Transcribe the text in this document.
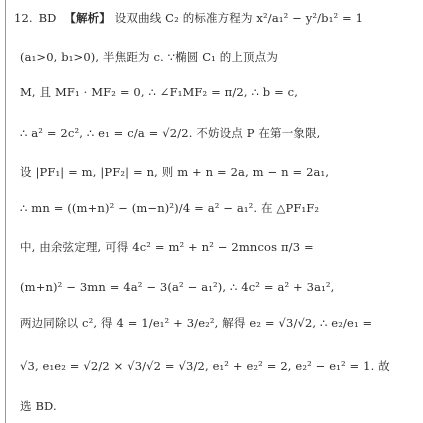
12. BD 【解析】 设双曲线 C₂ 的标准方程为 x²/a₁² − y²/b₁² = 1
(a₁>0, b₁>0), 半焦距为 c. ∵椭圆 C₁ 的上顶点为
M, 且 MF₁ · MF₂ = 0, ∴ ∠F₁MF₂ = π/2, ∴ b = c,
∴ a² = 2c², ∴ e₁ = c/a = √2/2. 不妨设点 P 在第一象限,
设 |PF₁| = m, |PF₂| = n, 则 m + n = 2a, m − n = 2a₁,
∴ mn = ((m+n)² − (m−n)²)/4 = a² − a₁². 在 △PF₁F₂
中, 由余弦定理, 可得 4c² = m² + n² − 2mncos π/3 =
(m+n)² − 3mn = 4a² − 3(a² − a₁²), ∴ 4c² = a² + 3a₁²,
两边同除以 c², 得 4 = 1/e₁² + 3/e₂², 解得 e₂ = √3/√2, ∴ e₂/e₁ =
√3, e₁e₂ = √2/2 × √3/√2 = √3/2, e₁² + e₂² = 2, e₂² − e₁² = 1. 故
选 BD.
